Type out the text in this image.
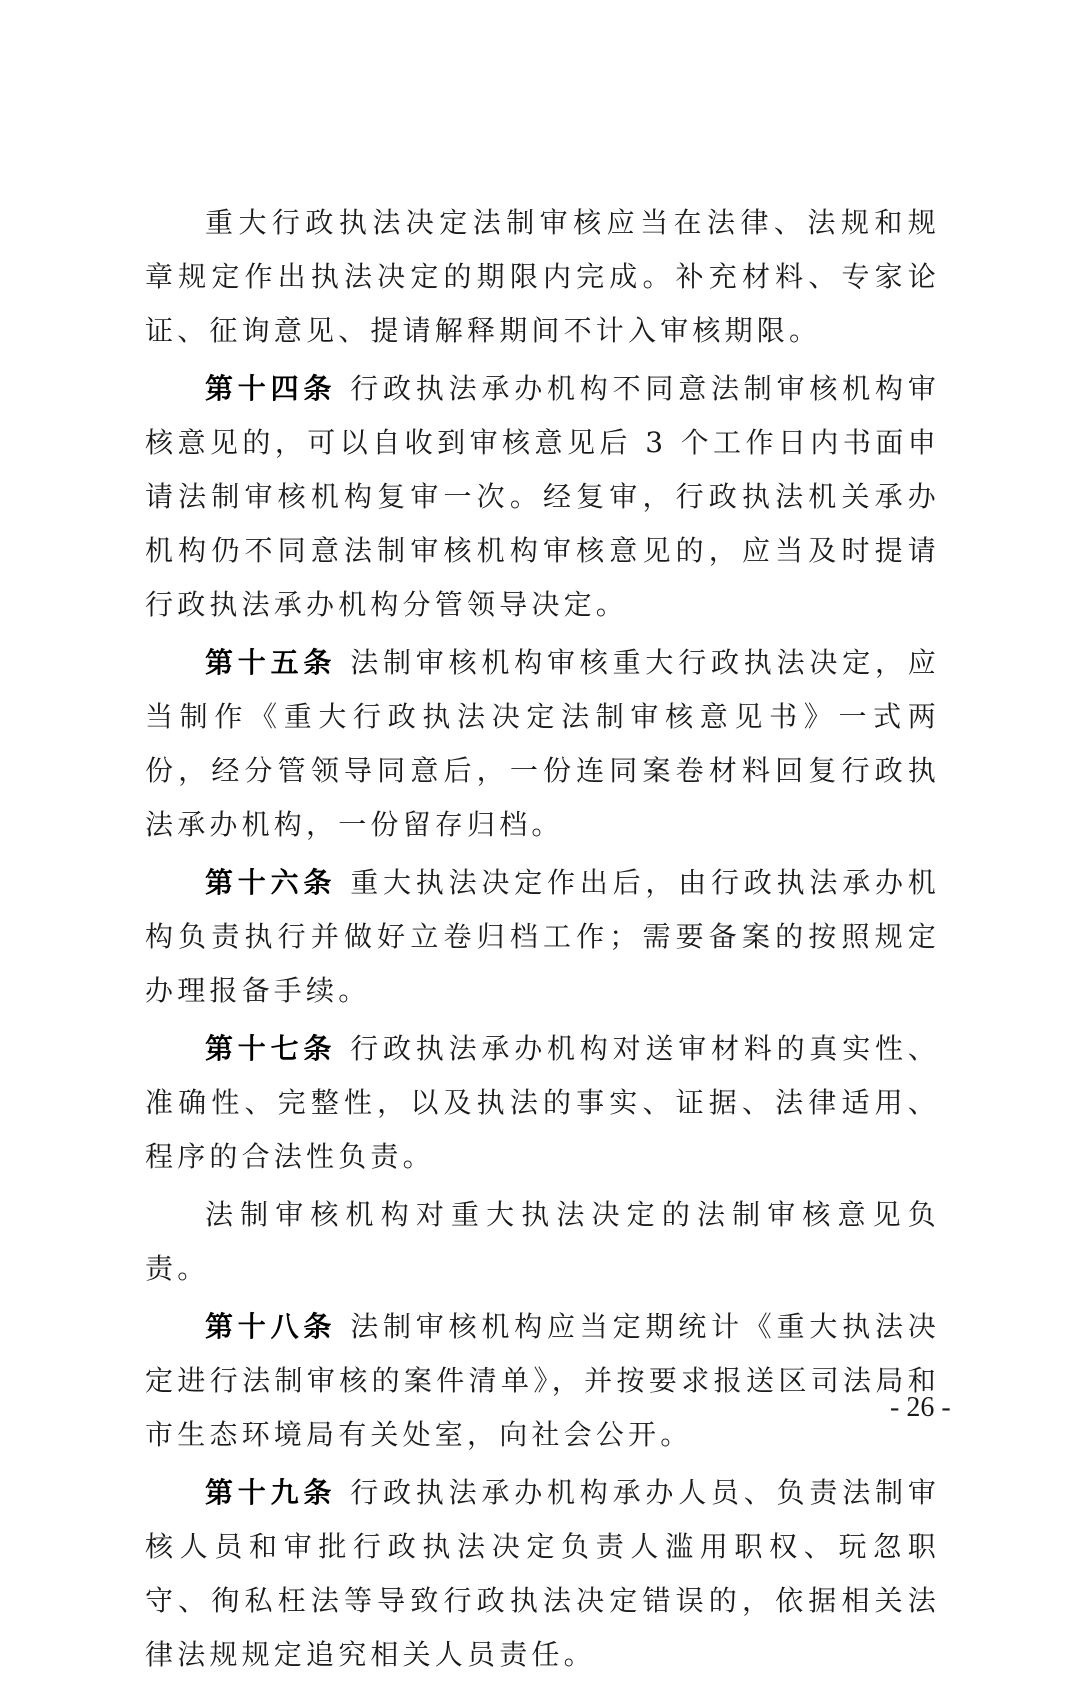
重大行政执法决定法制审核应当在法律、法规和规章规定作出执法决定的期限内完成。补充材料、专家论证、征询意见、提请解释期间不计入审核期限。

第十四条 行政执法承办机构不同意法制审核机构审核意见的，可以自收到审核意见后 3 个工作日内书面申请法制审核机构复审一次。经复审，行政执法机关承办机构仍不同意法制审核机构审核意见的，应当及时提请行政执法承办机构分管领导决定。

第十五条 法制审核机构审核重大行政执法决定，应当制作《重大行政执法决定法制审核意见书》一式两份，经分管领导同意后，一份连同案卷材料回复行政执法承办机构，一份留存归档。

第十六条 重大执法决定作出后，由行政执法承办机构负责执行并做好立卷归档工作；需要备案的按照规定办理报备手续。

第十七条 行政执法承办机构对送审材料的真实性、准确性、完整性，以及执法的事实、证据、法律适用、程序的合法性负责。

法制审核机构对重大执法决定的法制审核意见负责。

第十八条 法制审核机构应当定期统计《重大执法决定进行法制审核的案件清单》，并按要求报送区司法局和市生态环境局有关处室，向社会公开。

第十九条 行政执法承办机构承办人员、负责法制审核人员和审批行政执法决定负责人滥用职权、玩忽职守、徇私枉法等导致行政执法决定错误的，依据相关法律法规规定追究相关人员责任。

- 26 -
